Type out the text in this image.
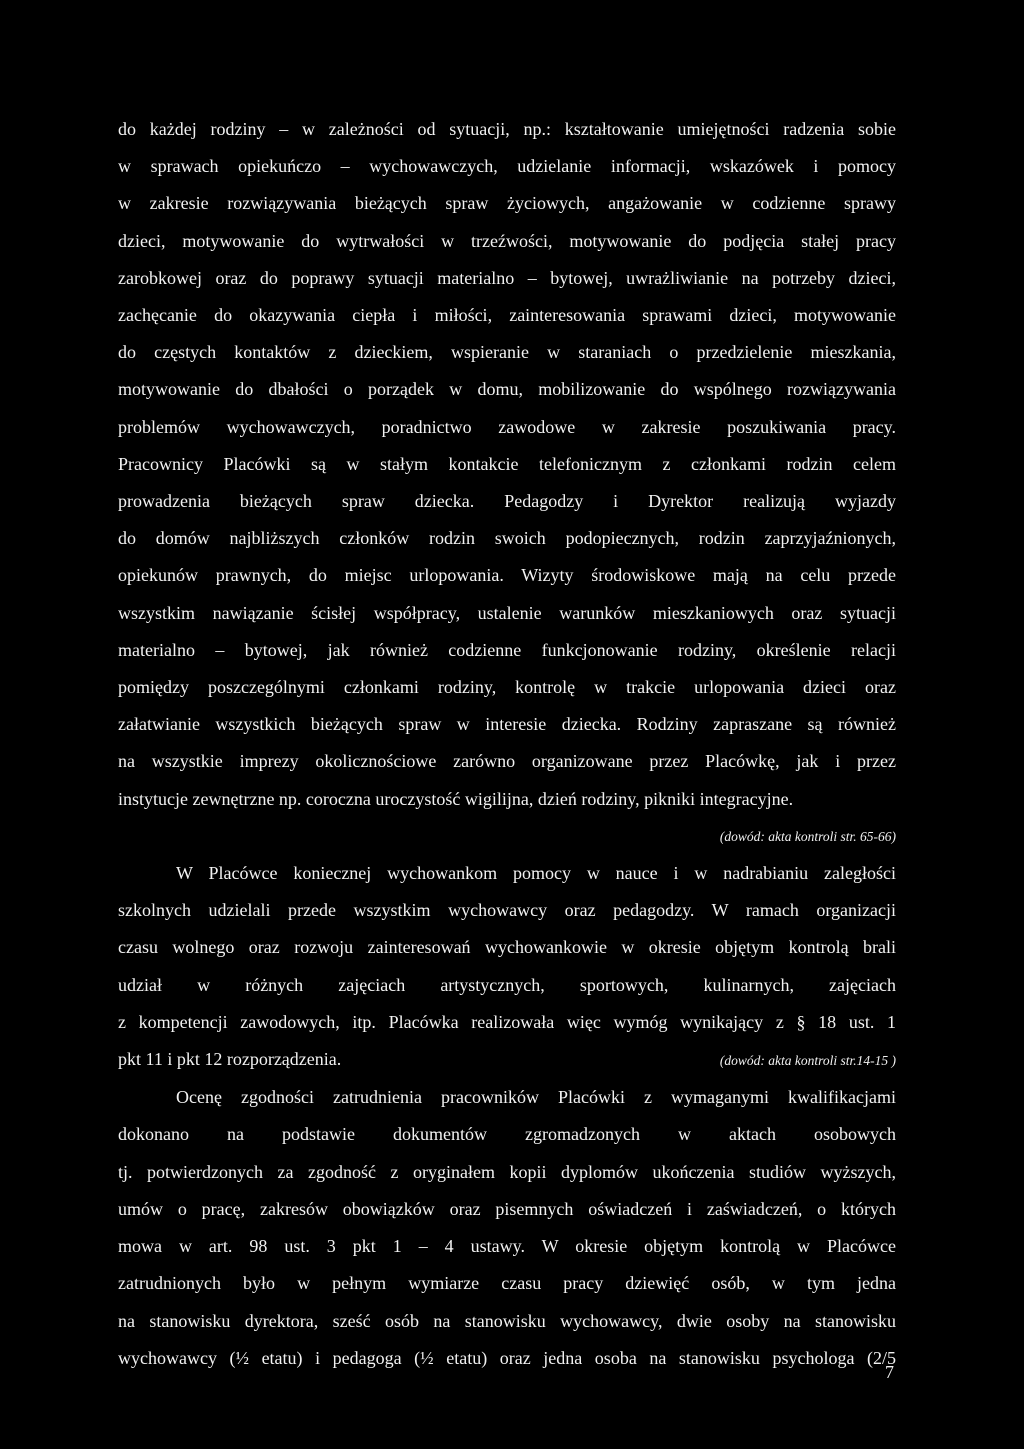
do każdej rodziny – w zależności od sytuacji, np.: kształtowanie umiejętności radzenia sobie
w sprawach opiekuńczo – wychowawczych, udzielanie informacji, wskazówek i pomocy
w zakresie rozwiązywania bieżących spraw życiowych, angażowanie w codzienne sprawy
dzieci, motywowanie do wytrwałości w trzeźwości, motywowanie do podjęcia stałej pracy
zarobkowej oraz do poprawy sytuacji materialno – bytowej, uwrażliwianie na potrzeby dzieci,
zachęcanie do okazywania ciepła i miłości, zainteresowania sprawami dzieci, motywowanie
do częstych kontaktów z dzieckiem, wspieranie w staraniach o przedzielenie mieszkania,
motywowanie do dbałości o porządek w domu, mobilizowanie do wspólnego rozwiązywania
problemów wychowawczych, poradnictwo zawodowe w zakresie poszukiwania pracy.
Pracownicy Placówki są w stałym kontakcie telefonicznym z członkami rodzin celem
prowadzenia bieżących spraw dziecka. Pedagodzy i Dyrektor realizują wyjazdy
do domów najbliższych członków rodzin swoich podopiecznych, rodzin zaprzyjaźnionych,
opiekunów prawnych, do miejsc urlopowania. Wizyty środowiskowe mają na celu przede
wszystkim nawiązanie ścisłej współpracy, ustalenie warunków mieszkaniowych oraz sytuacji
materialno – bytowej, jak również codzienne funkcjonowanie rodziny, określenie relacji
pomiędzy poszczególnymi członkami rodziny, kontrolę w trakcie urlopowania dzieci oraz
załatwianie wszystkich bieżących spraw w interesie dziecka. Rodziny zapraszane są również
na wszystkie imprezy okolicznościowe zarówno organizowane przez Placówkę, jak i przez
instytucje zewnętrzne np. coroczna uroczystość wigilijna, dzień rodziny, pikniki integracyjne.

(dowód: akta kontroli str. 65-66)

W Placówce koniecznej wychowankom pomocy w nauce i w nadrabianiu zaległości
szkolnych udzielali przede wszystkim wychowawcy oraz pedagodzy. W ramach organizacji
czasu wolnego oraz rozwoju zainteresowań wychowankowie w okresie objętym kontrolą brali
udział w różnych zajęciach artystycznych, sportowych, kulinarnych, zajęciach
z kompetencji zawodowych, itp. Placówka realizowała więc wymóg wynikający z § 18 ust. 1

pkt 11 i pkt 12 rozporządzenia.	(dowód: akta kontroli str.14-15 )

Ocenę zgodności zatrudnienia pracowników Placówki z wymaganymi kwalifikacjami
dokonano na podstawie dokumentów zgromadzonych w aktach osobowych
tj. potwierdzonych za zgodność z oryginałem kopii dyplomów ukończenia studiów wyższych,
umów o pracę, zakresów obowiązków oraz pisemnych oświadczeń i zaświadczeń, o których
mowa w art. 98 ust. 3 pkt 1 – 4 ustawy. W okresie objętym kontrolą w Placówce
zatrudnionych było w pełnym wymiarze czasu pracy dziewięć osób, w tym jedna
na stanowisku dyrektora, sześć osób na stanowisku wychowawcy, dwie osoby na stanowisku
wychowawcy (½ etatu) i pedagoga (½ etatu) oraz jedna osoba na stanowisku psychologa (2/5

7
